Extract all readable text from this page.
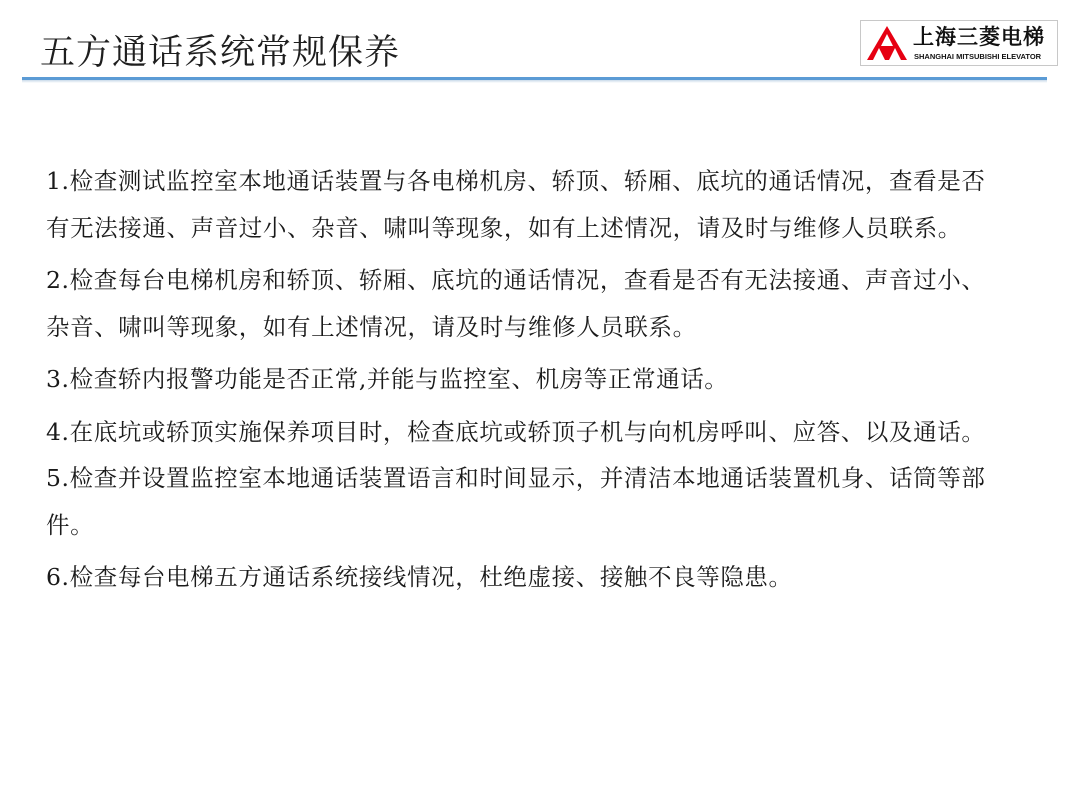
五方通话系统常规保养	上海三菱电梯
SHANGHAI MITSUBISHI ELEVATOR

1.检查测试监控室本地通话装置与各电梯机房、轿顶、轿厢、底坑的通话情况，查看是否有无法接通、声音过小、杂音、啸叫等现象，如有上述情况，请及时与维修人员联系。

2.检查每台电梯机房和轿顶、轿厢、底坑的通话情况，查看是否有无法接通、声音过小、杂音、啸叫等现象，如有上述情况，请及时与维修人员联系。

3.检查轿内报警功能是否正常,并能与监控室、机房等正常通话。

4.在底坑或轿顶实施保养项目时，检查底坑或轿顶子机与向机房呼叫、应答、以及通话。5.检查并设置监控室本地通话装置语言和时间显示，并清洁本地通话装置机身、话筒等部件。

6.检查每台电梯五方通话系统接线情况，杜绝虚接、接触不良等隐患。
